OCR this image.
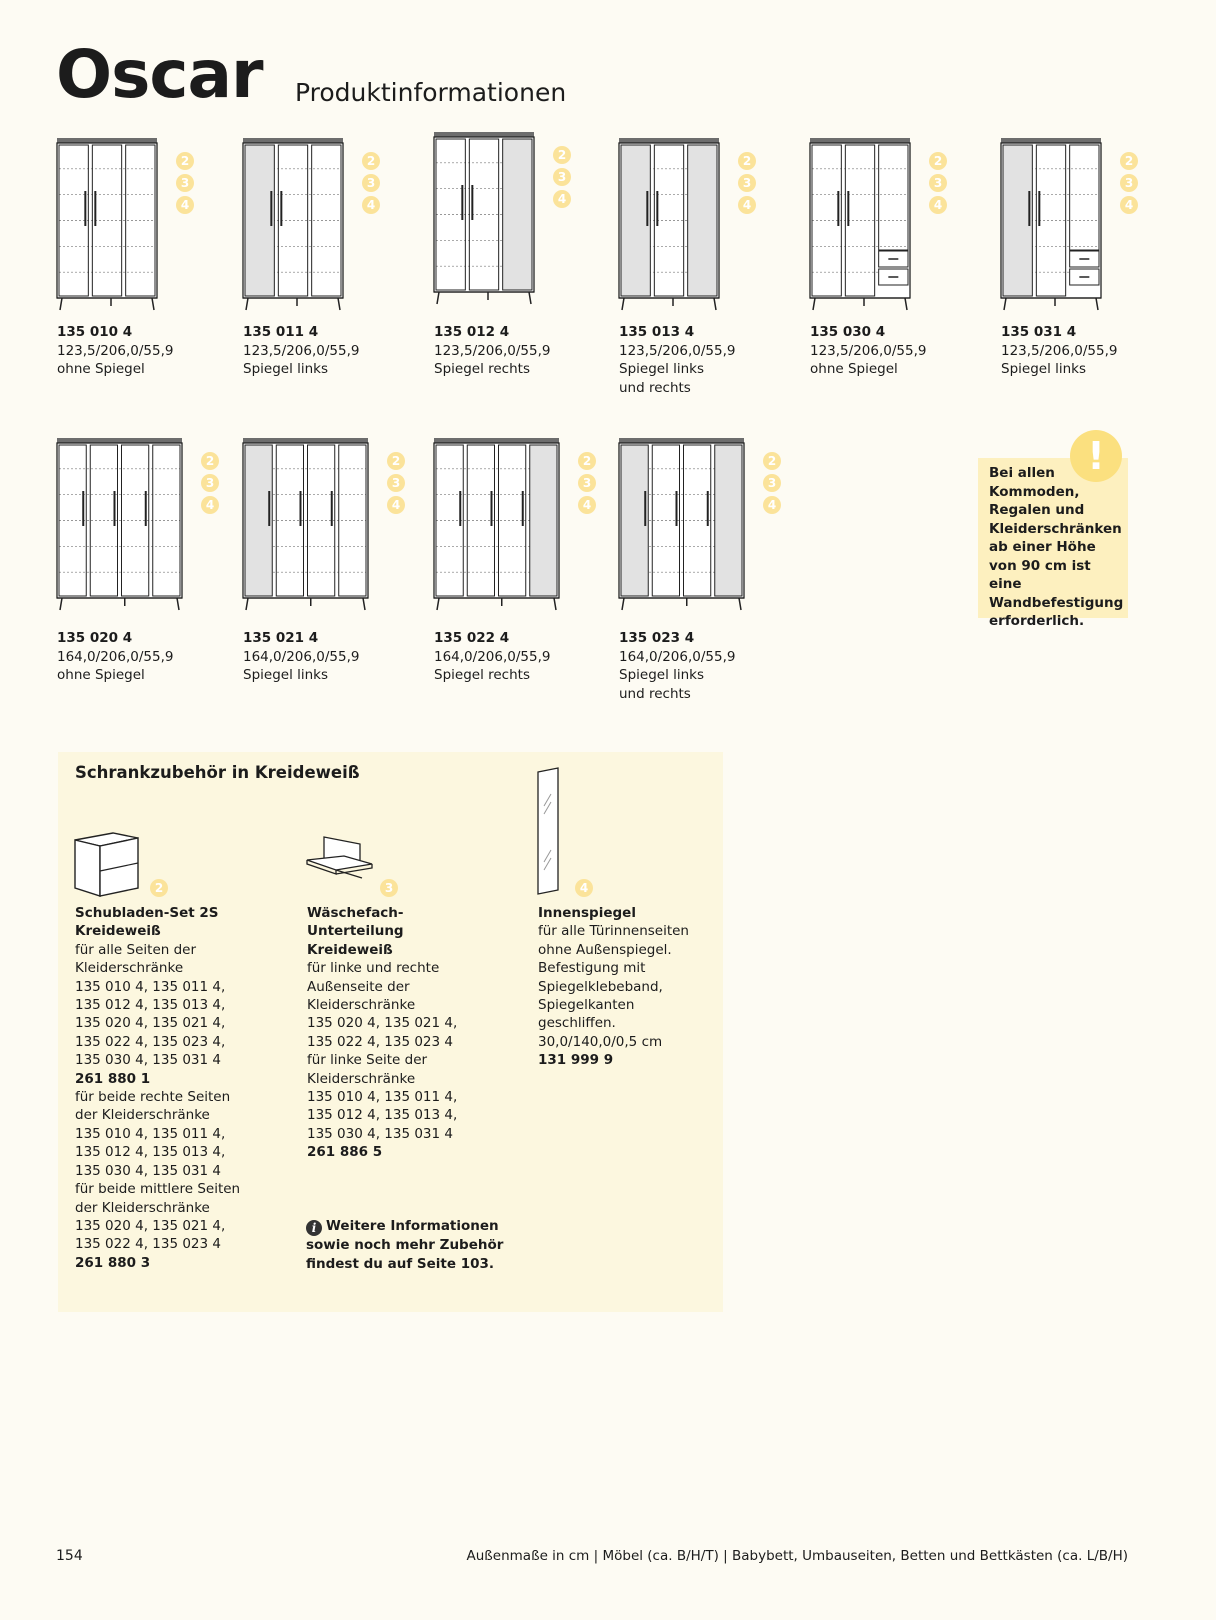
Oscar Produktinformationen
2
3
4
135 010 4
123,5/206,0/55,9
ohne Spiegel
2
3
4
135 011 4
123,5/206,0/55,9
Spiegel links
2
3
4
135 012 4
123,5/206,0/55,9
Spiegel rechts
2
3
4
135 013 4
123,5/206,0/55,9
Spiegel links
und rechts
2
3
4
135 030 4
123,5/206,0/55,9
ohne Spiegel
2
3
4
135 031 4
123,5/206,0/55,9
Spiegel links
2
3
4
135 020 4
164,0/206,0/55,9
ohne Spiegel
2
3
4
135 021 4
164,0/206,0/55,9
Spiegel links
2
3
4
135 022 4
164,0/206,0/55,9
Spiegel rechts
2
3
4
135 023 4
164,0/206,0/55,9
Spiegel links
und rechts
Bei allen Kommoden, Regalen und Kleiderschränken ab einer Höhe von 90 cm ist eine Wandbefestigung erforderlich.
!
Schrankzubehör in Kreideweiß
2
Schubladen-Set 2S
Kreideweiß
für alle Seiten der
Kleiderschränke
135 010 4, 135 011 4,
135 012 4, 135 013 4,
135 020 4, 135 021 4,
135 022 4, 135 023 4,
135 030 4, 135 031 4
261 880 1
für beide rechte Seiten
der Kleiderschränke
135 010 4, 135 011 4,
135 012 4, 135 013 4,
135 030 4, 135 031 4
für beide mittlere Seiten
der Kleiderschränke
135 020 4, 135 021 4,
135 022 4, 135 023 4
261 880 3
3
Wäschefach-
Unterteilung
Kreideweiß
für linke und rechte
Außenseite der
Kleiderschränke
135 020 4, 135 021 4,
135 022 4, 135 023 4
für linke Seite der
Kleiderschränke
135 010 4, 135 011 4,
135 012 4, 135 013 4,
135 030 4, 135 031 4
261 886 5
4
Innenspiegel
für alle Türinnenseiten
ohne Außenspiegel.
Befestigung mit
Spiegelklebeband,
Spiegelkanten
geschliffen.
30,0/140,0/0,5 cm
131 999 9
i Weitere Informationen sowie noch mehr Zubehör findest du auf Seite 103.
154	Außenmaße in cm | Möbel (ca. B/H/T) | Babybett, Umbauseiten, Betten und Bettkästen (ca. L/B/H)
